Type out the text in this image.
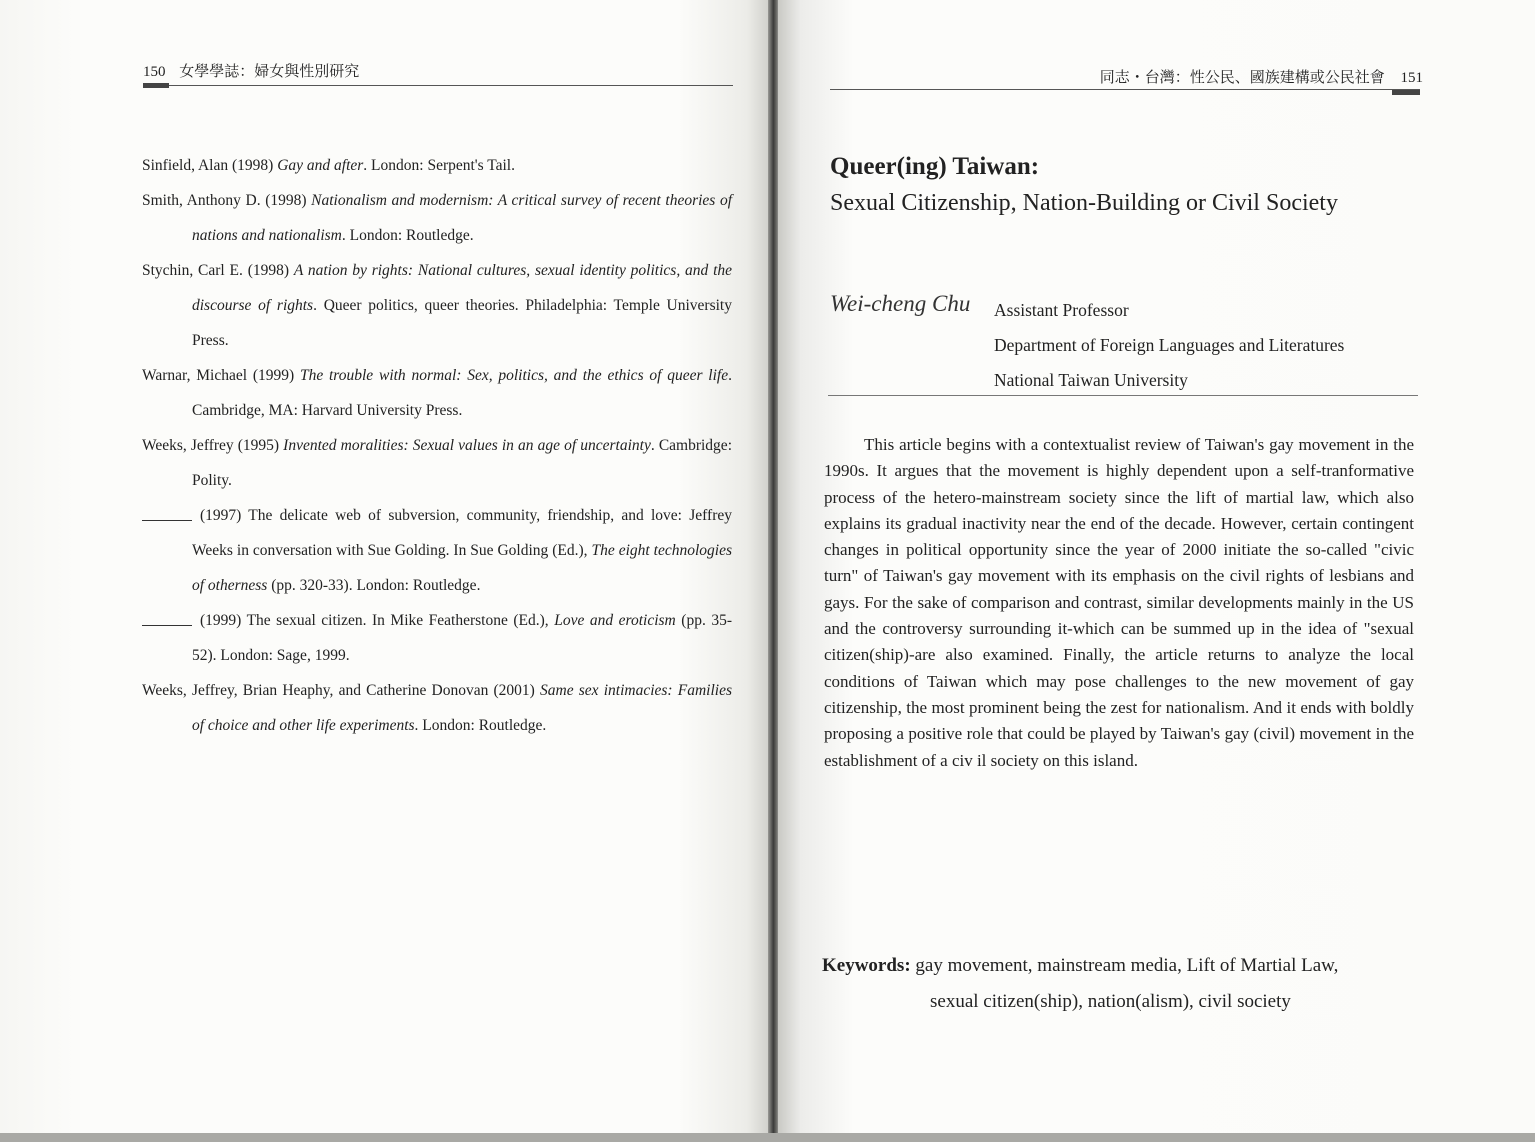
150 女學學誌：婦女與性別研究
Sinfield, Alan (1998) Gay and after. London: Serpent's Tail.
Smith, Anthony D. (1998) Nationalism and modernism: A critical survey of recent theories of nations and nationalism. London: Routledge.
Stychin, Carl E. (1998) A nation by rights: National cultures, sexual identity politics, and the discourse of rights. Queer politics, queer theories. Philadelphia: Temple University Press.
Warnar, Michael (1999) The trouble with normal: Sex, politics, and the ethics of queer life. Cambridge, MA: Harvard University Press.
Weeks, Jeffrey (1995) Invented moralities: Sexual values in an age of uncertainty. Cambridge: Polity.
(1997) The delicate web of subversion, community, friendship, and love: Jeffrey Weeks in conversation with Sue Golding. In Sue Golding (Ed.), The eight technologies of otherness (pp. 320-33). London: Routledge.
(1999) The sexual citizen. In Mike Featherstone (Ed.), Love and eroticism (pp. 35-52). London: Sage, 1999.
Weeks, Jeffrey, Brian Heaphy, and Catherine Donovan (2001) Same sex intimacies: Families of choice and other life experiments. London: Routledge.
同志・台灣：性公民、國族建構或公民社會 151
Queer(ing) Taiwan:
Sexual Citizenship, Nation-Building or Civil Society
Wei-cheng Chu Assistant Professor
Department of Foreign Languages and Literatures
National Taiwan University
This article begins with a contextualist review of Taiwan's gay movement in the 1990s. It argues that the movement is highly dependent upon a self-tranformative process of the hetero-mainstream society since the lift of martial law, which also explains its gradual inactivity near the end of the decade. However, certain contingent changes in political opportunity since the year of 2000 initiate the so-called "civic turn" of Taiwan's gay movement with its emphasis on the civil rights of lesbians and gays. For the sake of comparison and contrast, similar developments mainly in the US and the controversy surrounding it-which can be summed up in the idea of "sexual citizen(ship)-are also examined. Finally, the article returns to analyze the local conditions of Taiwan which may pose challenges to the new movement of gay citizenship, the most prominent being the zest for nationalism. And it ends with boldly proposing a positive role that could be played by Taiwan's gay (civil) movement in the establishment of a civ il society on this island.
Keywords: gay movement, mainstream media, Lift of Martial Law,
sexual citizen(ship), nation(alism), civil society
